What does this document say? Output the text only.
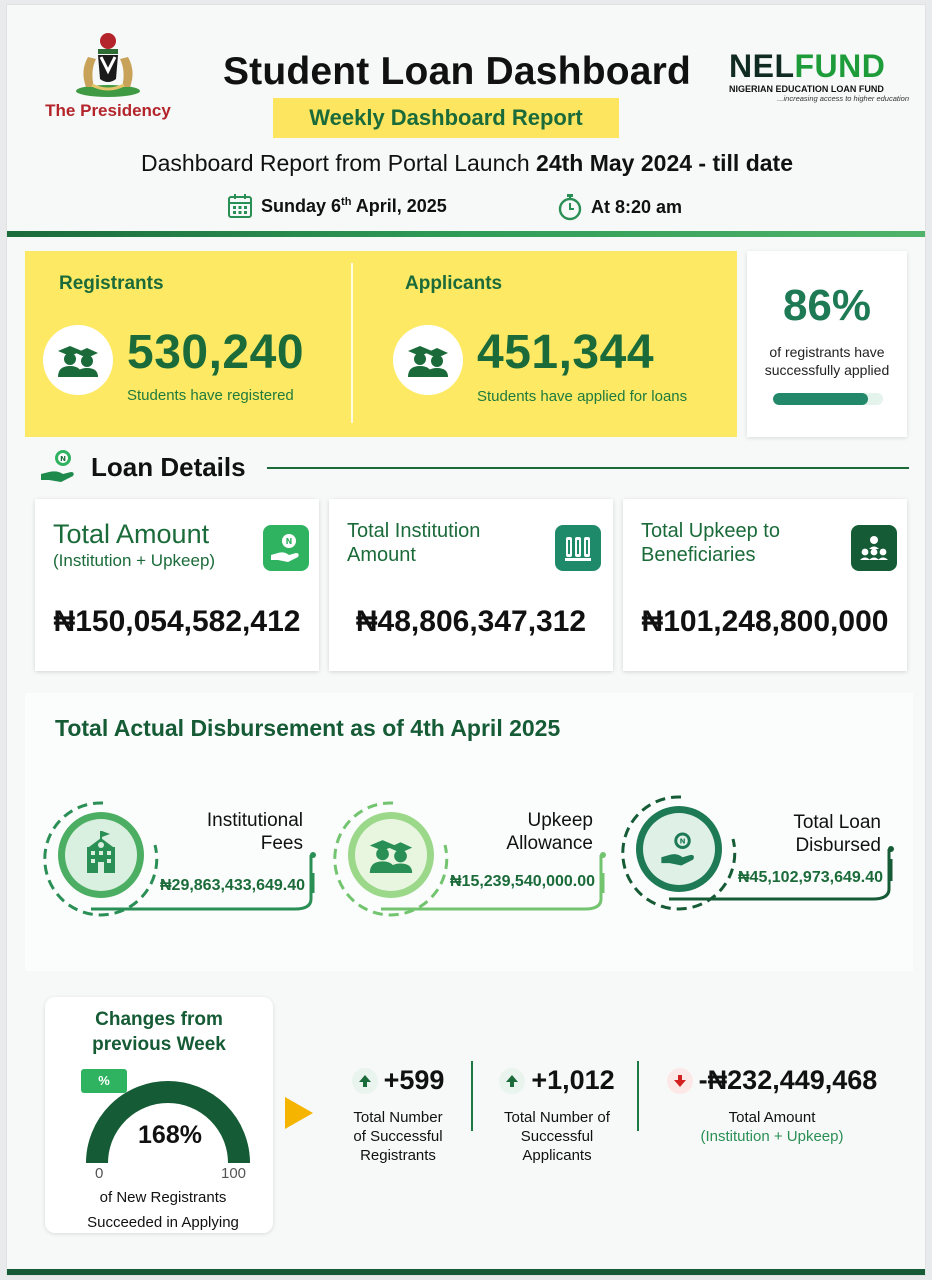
The Presidency
Student Loan Dashboard
Weekly Dashboard Report
Dashboard Report from Portal Launch 24th May 2024 - till date
Sunday 6th April, 2025	At 8:20 am
NELFUND
NIGERIAN EDUCATION LOAN FUND
...increasing access to higher education
Registrants
530,240
Students have registered
Applicants
451,344
Students have applied for loans
86%
of registrants have successfully applied
N Loan Details
Total Amount
(Institution + Upkeep)
N
₦150,054,582,412
Total Institution
Amount
₦48,806,347,312
Total Upkeep to
Beneficiaries
₦101,248,800,000
Total Actual Disbursement as of 4th April 2025
Institutional
Fees
₦29,863,433,649.40
Upkeep
Allowance
₦15,239,540,000.00
N
Total Loan
Disbursed
₦45,102,973,649.40
Changes from
previous Week
%
168%
0	100
of New Registrants
Succeeded in Applying
+599
Total Number
of Successful
Registrants
+1,012
Total Number of
Successful
Applicants
-₦232,449,468
Total Amount
(Institution + Upkeep)
